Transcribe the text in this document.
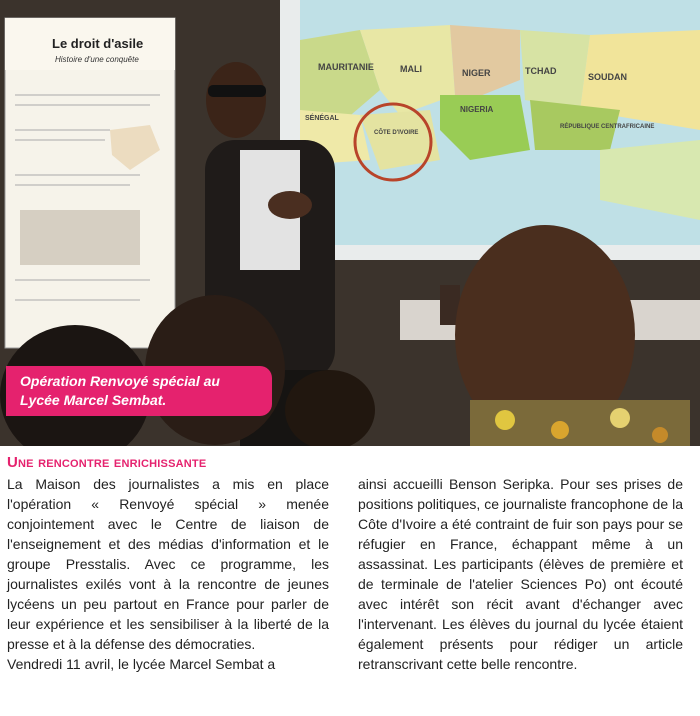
MAURITANIE	MALI	NIGER	TCHAD
SOUDAN
NIGERIA
CÔTE D'IVOIRE
SÉNÉGAL
RÉPUBLIQUE CENTRAFRICAINE
Le droit d'asile
Histoire d'une conquête
Opération Renvoyé spécial au
Lycée Marcel Sembat.
Une rencontre enrichissante

La Maison des journalistes a mis en place l'opération « Renvoyé spécial » menée conjointement avec le Centre de liaison de l'enseignement et des médias d'information et le groupe Presstalis. Avec ce programme, les journalistes exilés vont à la rencontre de jeunes lycéens un peu partout en France pour parler de leur expérience et les sensibiliser à la liberté de la presse et à la défense des démocraties.

Vendredi 11 avril, le lycée Marcel Sembat a

ainsi accueilli Benson Seripka. Pour ses prises de positions politiques, ce journaliste francophone de la Côte d'Ivoire a été contraint de fuir son pays pour se réfugier en France, échappant même à un assassinat. Les participants (élèves de première et de terminale de l'atelier Sciences Po) ont écouté avec intérêt son récit avant d'échanger avec l'intervenant. Les élèves du journal du lycée étaient également présents pour rédiger un article retranscrivant cette belle rencontre.
